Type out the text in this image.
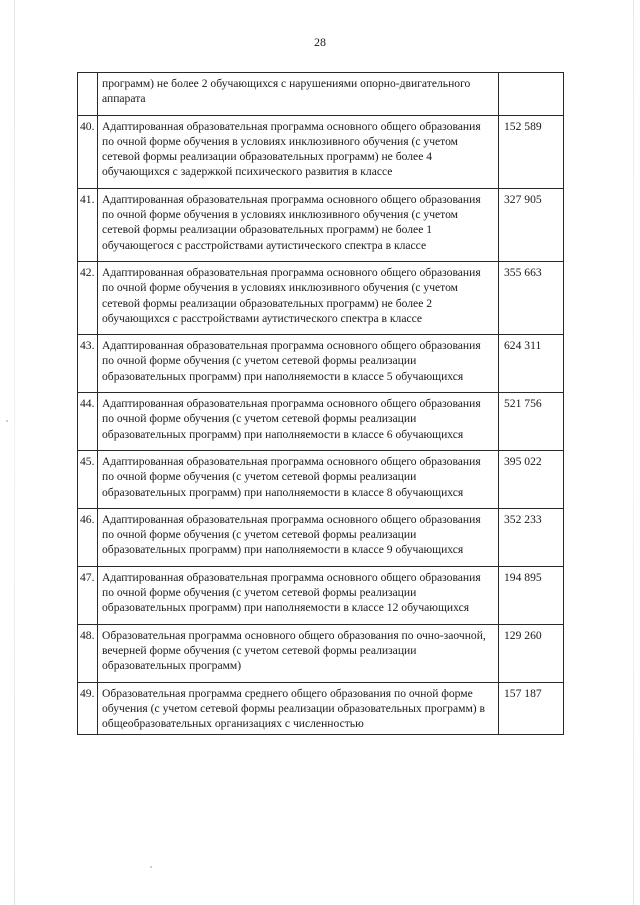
28
	программ) не более 2 обучающихся с нарушениями опорно-двигательного аппарата	
40.	Адаптированная образовательная программа основного общего образования по очной форме обучения в условиях инклюзивного обучения (с учетом сетевой формы реализации образовательных программ) не более 4 обучающихся с задержкой психического развития в классе	152 589
41.	Адаптированная образовательная программа основного общего образования по очной форме обучения в условиях инклюзивного обучения (с учетом сетевой формы реализации образовательных программ) не более 1 обучающегося с расстройствами аутистического спектра в классе	327 905
42.	Адаптированная образовательная программа основного общего образования по очной форме обучения в условиях инклюзивного обучения (с учетом сетевой формы реализации образовательных программ) не более 2 обучающихся с расстройствами аутистического спектра в классе	355 663
43.	Адаптированная образовательная программа основного общего образования по очной форме обучения (с учетом сетевой формы реализации образовательных программ) при наполняемости в классе 5 обучающихся	624 311
44.	Адаптированная образовательная программа основного общего образования по очной форме обучения (с учетом сетевой формы реализации образовательных программ) при наполняемости в классе 6 обучающихся	521 756
45.	Адаптированная образовательная программа основного общего образования по очной форме обучения (с учетом сетевой формы реализации образовательных программ) при наполняемости в классе 8 обучающихся	395 022
46.	Адаптированная образовательная программа основного общего образования по очной форме обучения (с учетом сетевой формы реализации образовательных программ) при наполняемости в классе 9 обучающихся	352 233
47.	Адаптированная образовательная программа основного общего образования по очной форме обучения (с учетом сетевой формы реализации образовательных программ) при наполняемости в классе 12 обучающихся	194 895
48.	Образовательная программа основного общего образования по очно-заочной, вечерней форме обучения (с учетом сетевой формы реализации образовательных программ)	129 260
49.	Образовательная программа среднего общего образования по очной форме обучения (с учетом сетевой формы реализации образовательных программ) в общеобразовательных организациях с численностью	157 187
